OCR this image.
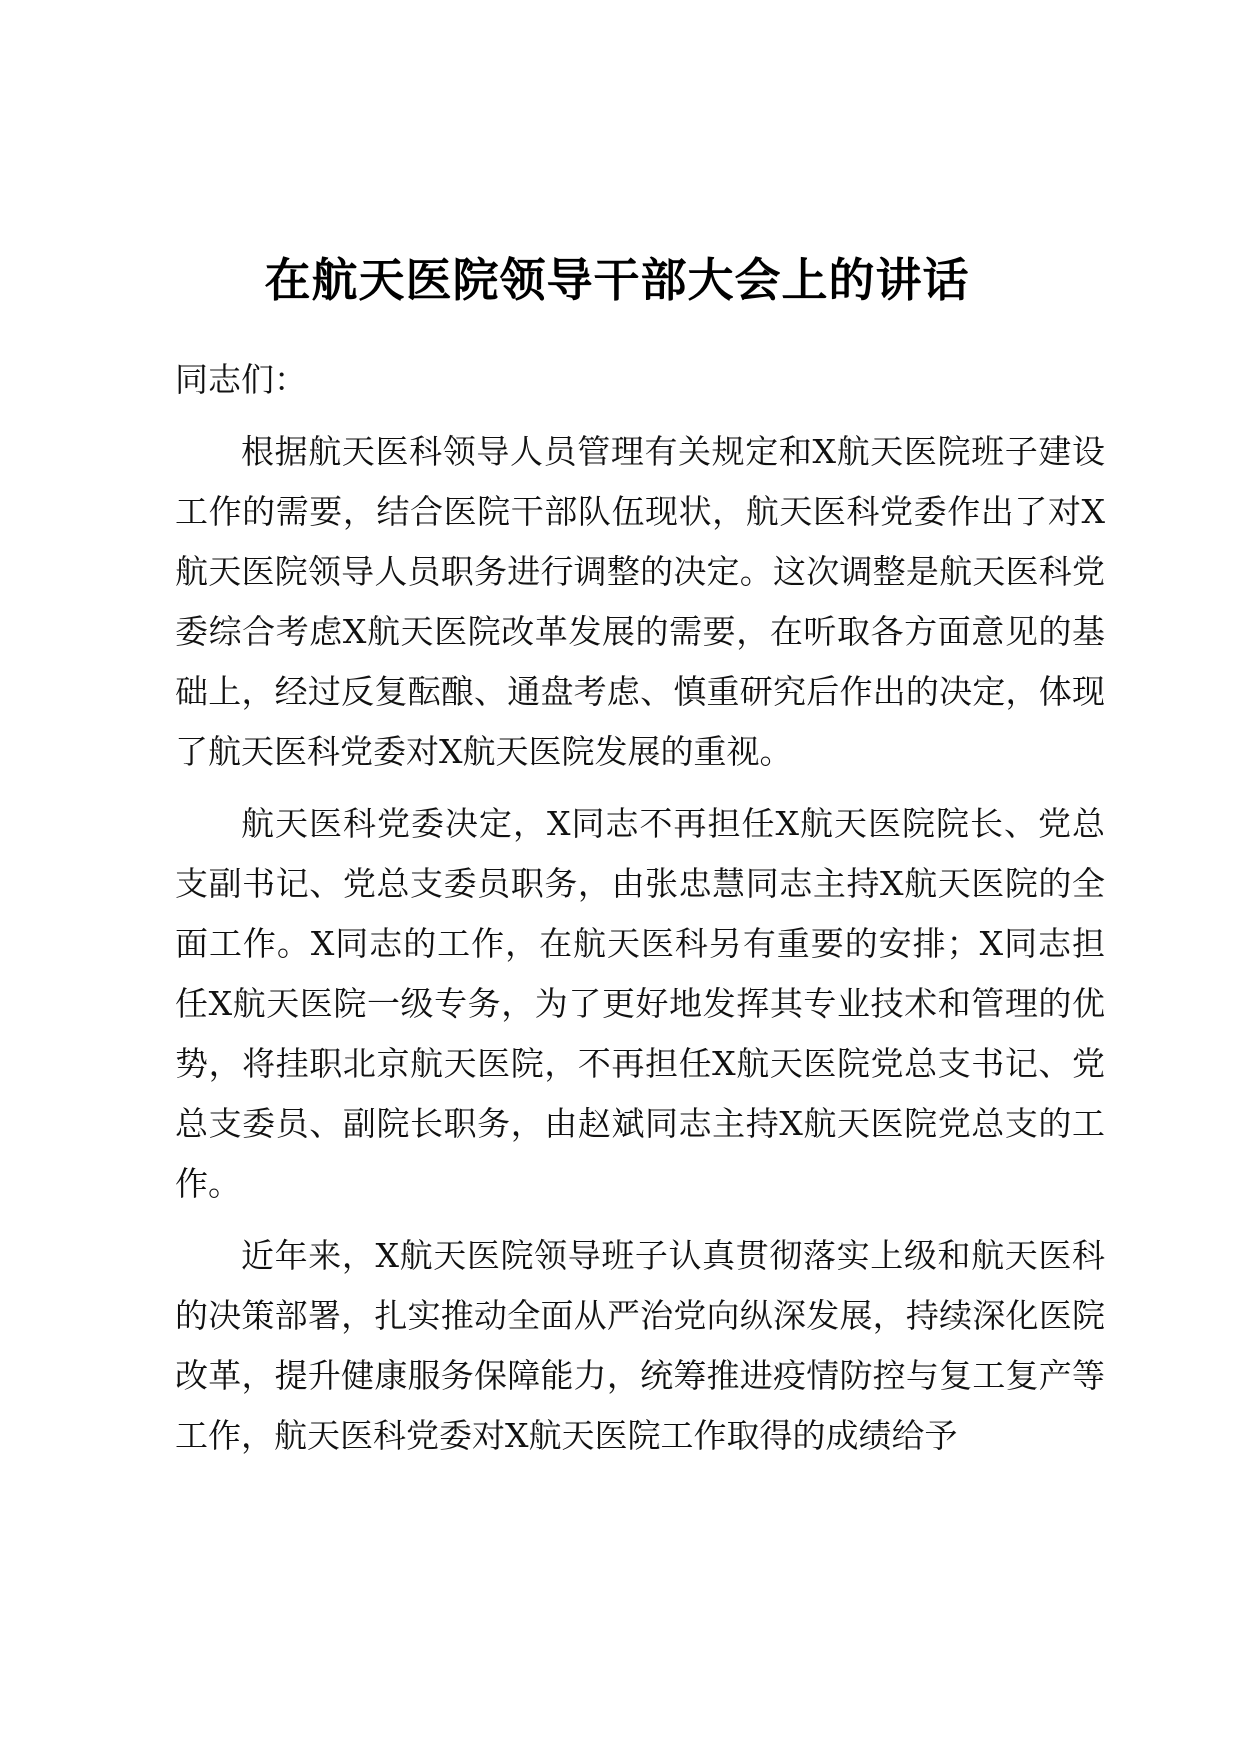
在航天医院领导干部大会上的讲话

同志们：

根据航天医科领导人员管理有关规定和X航天医院班子建设工作的需要，结合医院干部队伍现状，航天医科党委作出了对X航天医院领导人员职务进行调整的决定。这次调整是航天医科党委综合考虑X航天医院改革发展的需要，在听取各方面意见的基础上，经过反复酝酿、通盘考虑、慎重研究后作出的决定，体现了航天医科党委对X航天医院发展的重视。

航天医科党委决定，X同志不再担任X航天医院院长、党总支副书记、党总支委员职务，由张忠慧同志主持X航天医院的全面工作。X同志的工作，在航天医科另有重要的安排；X同志担任X航天医院一级专务，为了更好地发挥其专业技术和管理的优势，将挂职北京航天医院，不再担任X航天医院党总支书记、党总支委员、副院长职务，由赵斌同志主持X航天医院党总支的工作。

近年来，X航天医院领导班子认真贯彻落实上级和航天医科的决策部署，扎实推动全面从严治党向纵深发展，持续深化医院改革，提升健康服务保障能力，统筹推进疫情防控与复工复产等工作，航天医科党委对X航天医院工作取得的成绩给予
